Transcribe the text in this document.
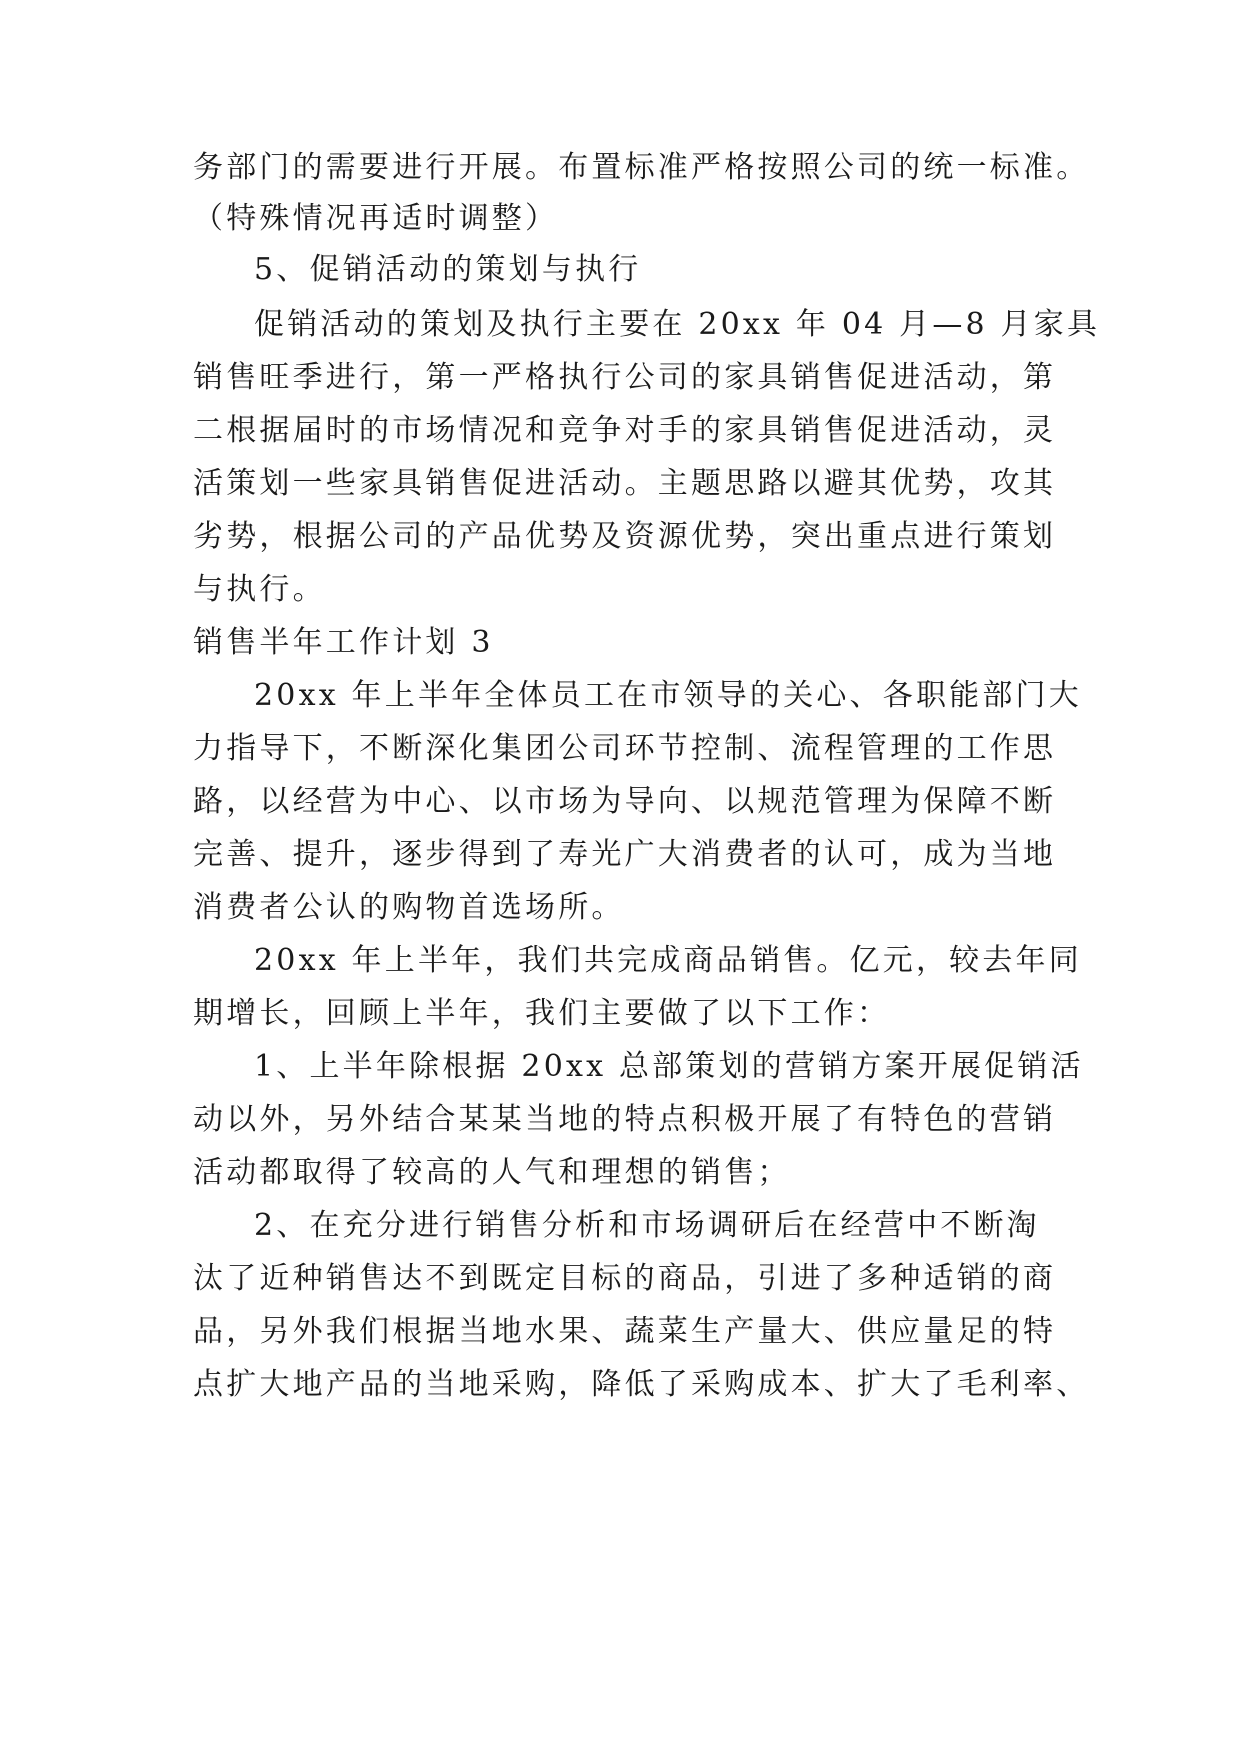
务部门的需要进行开展。布置标准严格按照公司的统一标准。
（特殊情况再适时调整）
5、促销活动的策划与执行
促销活动的策划及执行主要在 20xx 年 04 月—8 月家具
销售旺季进行，第一严格执行公司的家具销售促进活动，第
二根据届时的市场情况和竞争对手的家具销售促进活动，灵
活策划一些家具销售促进活动。主题思路以避其优势，攻其
劣势，根据公司的产品优势及资源优势，突出重点进行策划
与执行。
销售半年工作计划 3
20xx 年上半年全体员工在市领导的关心、各职能部门大
力指导下，不断深化集团公司环节控制、流程管理的工作思
路，以经营为中心、以市场为导向、以规范管理为保障不断
完善、提升，逐步得到了寿光广大消费者的认可，成为当地
消费者公认的购物首选场所。
20xx 年上半年，我们共完成商品销售。亿元，较去年同
期增长，回顾上半年，我们主要做了以下工作：
1、上半年除根据 20xx 总部策划的营销方案开展促销活
动以外，另外结合某某当地的特点积极开展了有特色的营销
活动都取得了较高的人气和理想的销售；
2、在充分进行销售分析和市场调研后在经营中不断淘
汰了近种销售达不到既定目标的商品，引进了多种适销的商
品，另外我们根据当地水果、蔬菜生产量大、供应量足的特
点扩大地产品的当地采购，降低了采购成本、扩大了毛利率、
